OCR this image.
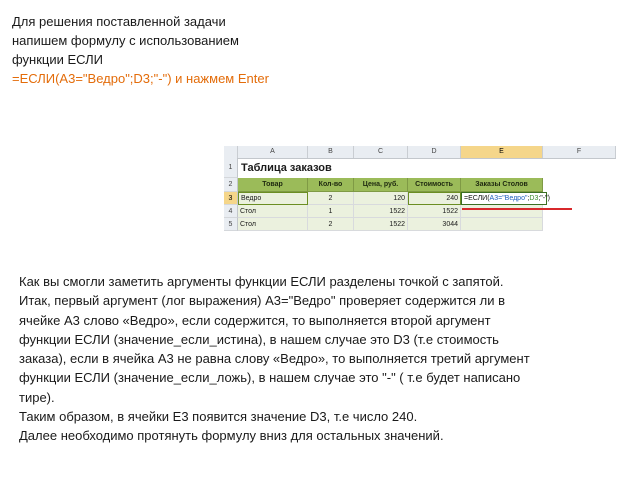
Для решения поставленной задачи
напишем формулу с использованием
функции ЕСЛИ
=ЕСЛИ(A3="Ведро";D3;"-") и нажмем Enter
A	B	C	D	E	F
1
2
3
4
5
Таблица заказов
Товар	Кол-во	Цена, руб.	Стоимость	Заказы Столов
Ведро	2	120	240 =ЕСЛИ(A3="Ведро";D3;"-")
Стол	1	1522	1522
Стол	2	1522	3044
Как вы смогли заметить аргументы функции ЕСЛИ разделены точкой с запятой.
Итак, первый аргумент (лог выражения) A3="Ведро" проверяет содержится ли в
ячейке A3 слово «Ведро», если содержится, то выполняется второй аргумент
функции ЕСЛИ (значение_если_истина), в нашем случае это D3 (т.е стоимость
заказа), если в ячейка A3 не равна слову «Ведро», то выполняется третий аргумент
функции ЕСЛИ (значение_если_ложь), в нашем случае это "-" ( т.е будет написано
тире).
Таким образом, в ячейки E3 появится значение D3, т.е число 240.
Далее необходимо протянуть формулу вниз для остальных значений.
